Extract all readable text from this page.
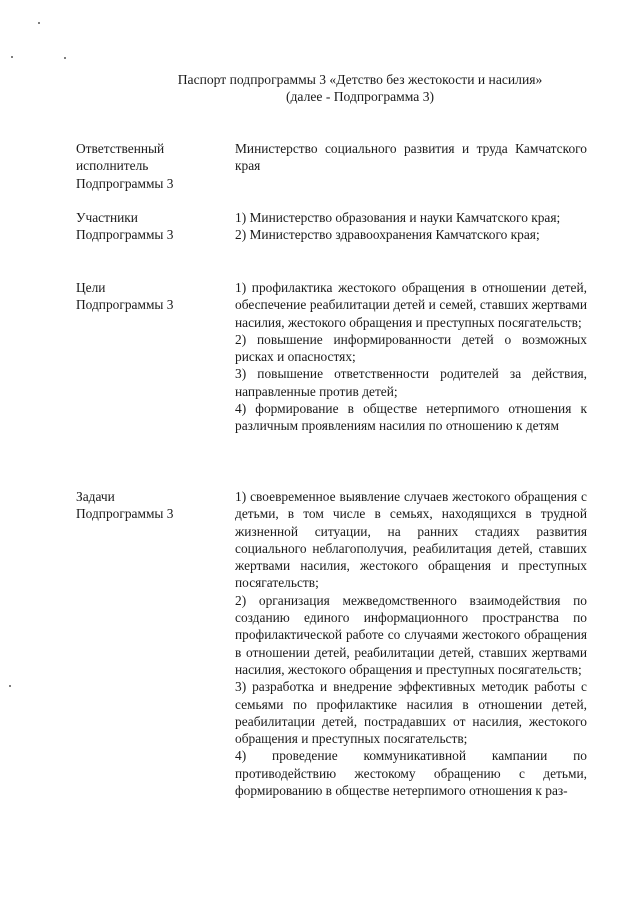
Паспорт подпрограммы 3 «Детство без жестокости и насилия»
(далее - Подпрограмма 3)
Ответственный
исполнитель
Подпрограммы 3
Министерство социального развития и труда Камчатского края
Участники
Подпрограммы 3
1) Министерство образования и науки Камчатского края;
2) Министерство здравоохранения Камчатского края;
Цели
Подпрограммы 3
1) профилактика жестокого обращения в отношении детей, обеспечение реабилитации детей и семей, ставших жертвами насилия, жестокого обращения и преступных посягательств;
2) повышение информированности детей о возможных рисках и опасностях;
3) повышение ответственности родителей за действия, направленные против детей;
4) формирование в обществе нетерпимого отношения к различным проявлениям насилия по отношению к детям
Задачи
Подпрограммы 3
1) своевременное выявление случаев жестокого обращения с детьми, в том числе в семьях, находящихся в трудной жизненной ситуации, на ранних стадиях развития социального неблагополучия, реабилитация детей, ставших жертвами насилия, жестокого обращения и преступных посягательств;
2) организация межведомственного взаимодействия по созданию единого информационного пространства по профилактической работе со случаями жестокого обращения в отношении детей, реабилитации детей, ставших жертвами насилия, жестокого обращения и преступных посягательств;
3) разработка и внедрение эффективных методик работы с семьями по профилактике насилия в отношении детей, реабилитации детей, пострадавших от насилия, жестокого обращения и преступных посягательств;
4) проведение коммуникативной кампании по противодействию жестокому обращению с детьми, формированию в обществе нетерпимого отношения к раз-
